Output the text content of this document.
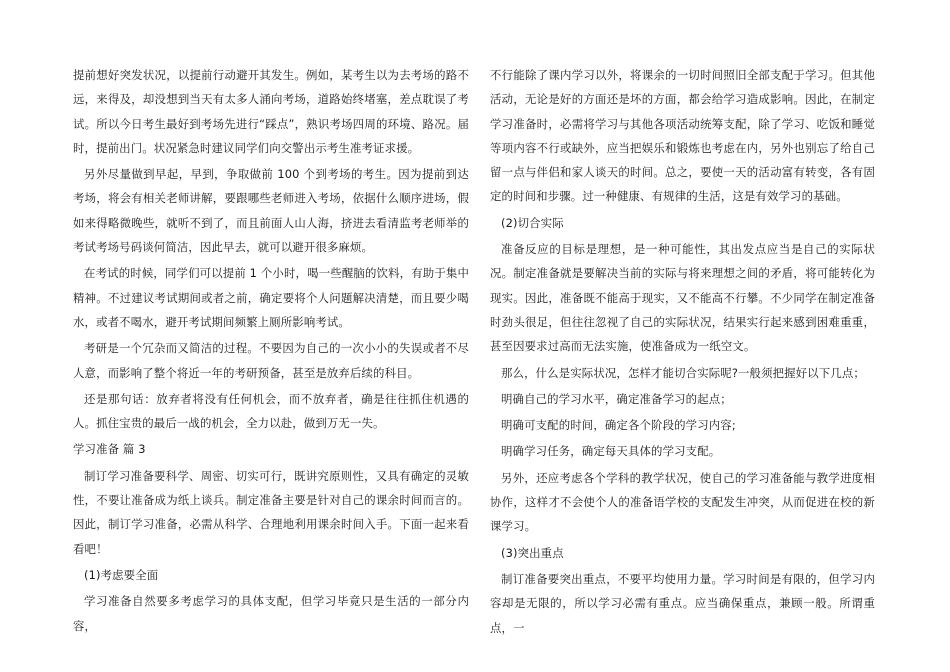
提前想好突发状况，以提前行动避开其发生。例如，某考生以为去考场的路不远，来得及，却没想到当天有太多人涌向考场，道路始终堵塞，差点耽误了考试。所以今日考生最好到考场先进行“踩点”，熟识考场四周的环境、路况。届时，提前出门。状况紧急时建议同学们向交警出示考生准考证求援。

另外尽量做到早起，早到，争取做前 100 个到考场的考生。因为提前到达考场，将会有相关老师讲解，要跟哪些老师进入考场，依据什么顺序进场，假如来得略微晚些，就听不到了，而且前面人山人海，挤进去看清监考老师举的考试考场号码谈何简洁，因此早去，就可以避开很多麻烦。

在考试的时候，同学们可以提前 1 个小时，喝一些醒脑的饮料，有助于集中精神。不过建议考试期间或者之前，确定要将个人问题解决清楚，而且要少喝水，或者不喝水，避开考试期间频繁上厕所影响考试。

考研是一个冗杂而又简洁的过程。不要因为自己的一次小小的失误或者不尽人意，而影响了整个将近一年的考研预备，甚至是放弃后续的科目。

还是那句话：放弃者将没有任何机会，而不放弃者，确是往往抓住机遇的人。抓住宝贵的最后一战的机会，全力以赴，做到万无一失。

学习准备 篇 3

制订学习准备要科学、周密、切实可行，既讲究原则性，又具有确定的灵敏性，不要让准备成为纸上谈兵。制定准备主要是针对自己的课余时间而言的。因此，制订学习准备，必需从科学、合理地利用课余时间入手。下面一起来看看吧！

(1)考虑要全面

学习准备自然要多考虑学习的具体支配，但学习毕竟只是生活的一部分内容，

不行能除了课内学习以外，将课余的一切时间照旧全部支配于学习。但其他活动，无论是好的方面还是坏的方面，都会给学习造成影响。因此，在制定学习准备时，必需将学习与其他各项活动统筹支配，除了学习、吃饭和睡觉等项内容不行或缺外，应当把娱乐和锻炼也考虑在内，另外也别忘了给自己留一点与伴侣和家人谈天的时间。总之，要使一天的活动富有转变，各有固定的时间和步骤。过一种健康、有规律的生活，这是有效学习的基础。

(2)切合实际

准备反应的目标是理想，是一种可能性，其出发点应当是自己的实际状况。制定准备就是要解决当前的实际与将来理想之间的矛盾，将可能转化为现实。因此，准备既不能高于现实，又不能高不行攀。不少同学在制定准备时劲头很足，但往往忽视了自己的实际状况，结果实行起来感到困难重重，甚至因要求过高而无法实施，使准备成为一纸空文。

那么，什么是实际状况，怎样才能切合实际呢?一般须把握好以下几点；

明确自己的学习水平，确定准备学习的起点；

明确可支配的时间，确定各个阶段的学习内容;

明确学习任务，确定每天具体的学习支配。

另外，还应考虑各个学科的教学状况，使自己的学习准备能与教学进度相协作，这样才不会使个人的准备语学校的支配发生冲突，从而促进在校的新课学习。

(3)突出重点

制订准备要突出重点，不要平均使用力量。学习时间是有限的，但学习内容却是无限的，所以学习必需有重点。应当确保重点，兼顾一般。所谓重点，一
